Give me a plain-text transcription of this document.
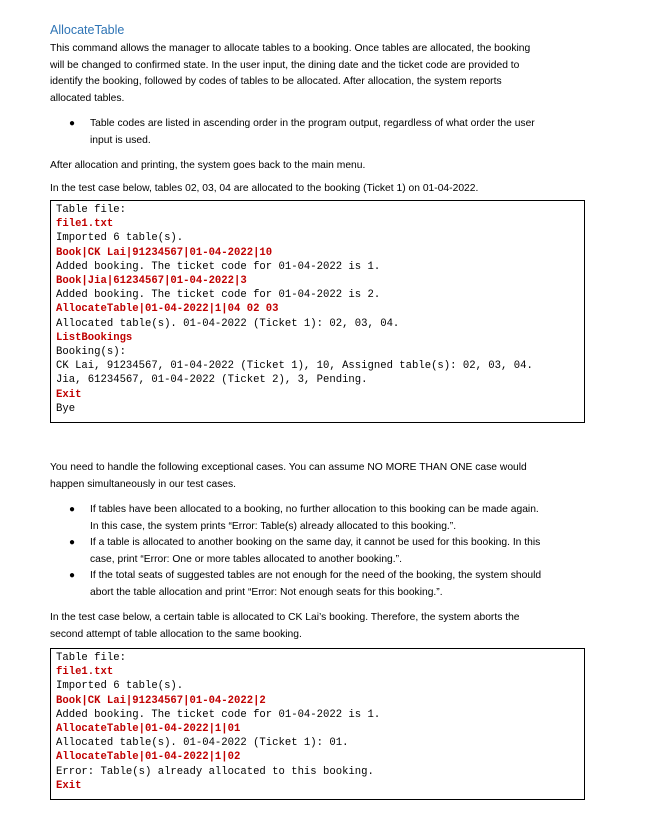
AllocateTable

This command allows the manager to allocate tables to a booking. Once tables are allocated, the booking
will be changed to confirmed state. In the user input, the dining date and the ticket code are provided to
identify the booking, followed by codes of tables to be allocated. After allocation, the system reports
allocated tables.

● Table codes are listed in ascending order in the program output, regardless of what order the user
input is used.

After allocation and printing, the system goes back to the main menu.

In the test case below, tables 02, 03, 04 are allocated to the booking (Ticket 1) on 01-04-2022.

Table file:
file1.txt
Imported 6 table(s).
Book|CK Lai|91234567|01-04-2022|10
Added booking. The ticket code for 01-04-2022 is 1.
Book|Jia|61234567|01-04-2022|3
Added booking. The ticket code for 01-04-2022 is 2.
AllocateTable|01-04-2022|1|04 02 03
Allocated table(s). 01-04-2022 (Ticket 1): 02, 03, 04.
ListBookings
Booking(s):
CK Lai, 91234567, 01-04-2022 (Ticket 1), 10, Assigned table(s): 02, 03, 04.
Jia, 61234567, 01-04-2022 (Ticket 2), 3, Pending.
Exit
Bye

You need to handle the following exceptional cases. You can assume NO MORE THAN ONE case would
happen simultaneously in our test cases.

● If tables have been allocated to a booking, no further allocation to this booking can be made again.
In this case, the system prints “Error: Table(s) already allocated to this booking.”.
● If a table is allocated to another booking on the same day, it cannot be used for this booking. In this
case, print “Error: One or more tables allocated to another booking.”.
● If the total seats of suggested tables are not enough for the need of the booking, the system should
abort the table allocation and print “Error: Not enough seats for this booking.”.

In the test case below, a certain table is allocated to CK Lai’s booking. Therefore, the system aborts the
second attempt of table allocation to the same booking.

Table file:
file1.txt
Imported 6 table(s).
Book|CK Lai|91234567|01-04-2022|2
Added booking. The ticket code for 01-04-2022 is 1.
AllocateTable|01-04-2022|1|01
Allocated table(s). 01-04-2022 (Ticket 1): 01.
AllocateTable|01-04-2022|1|02
Error: Table(s) already allocated to this booking.
Exit
